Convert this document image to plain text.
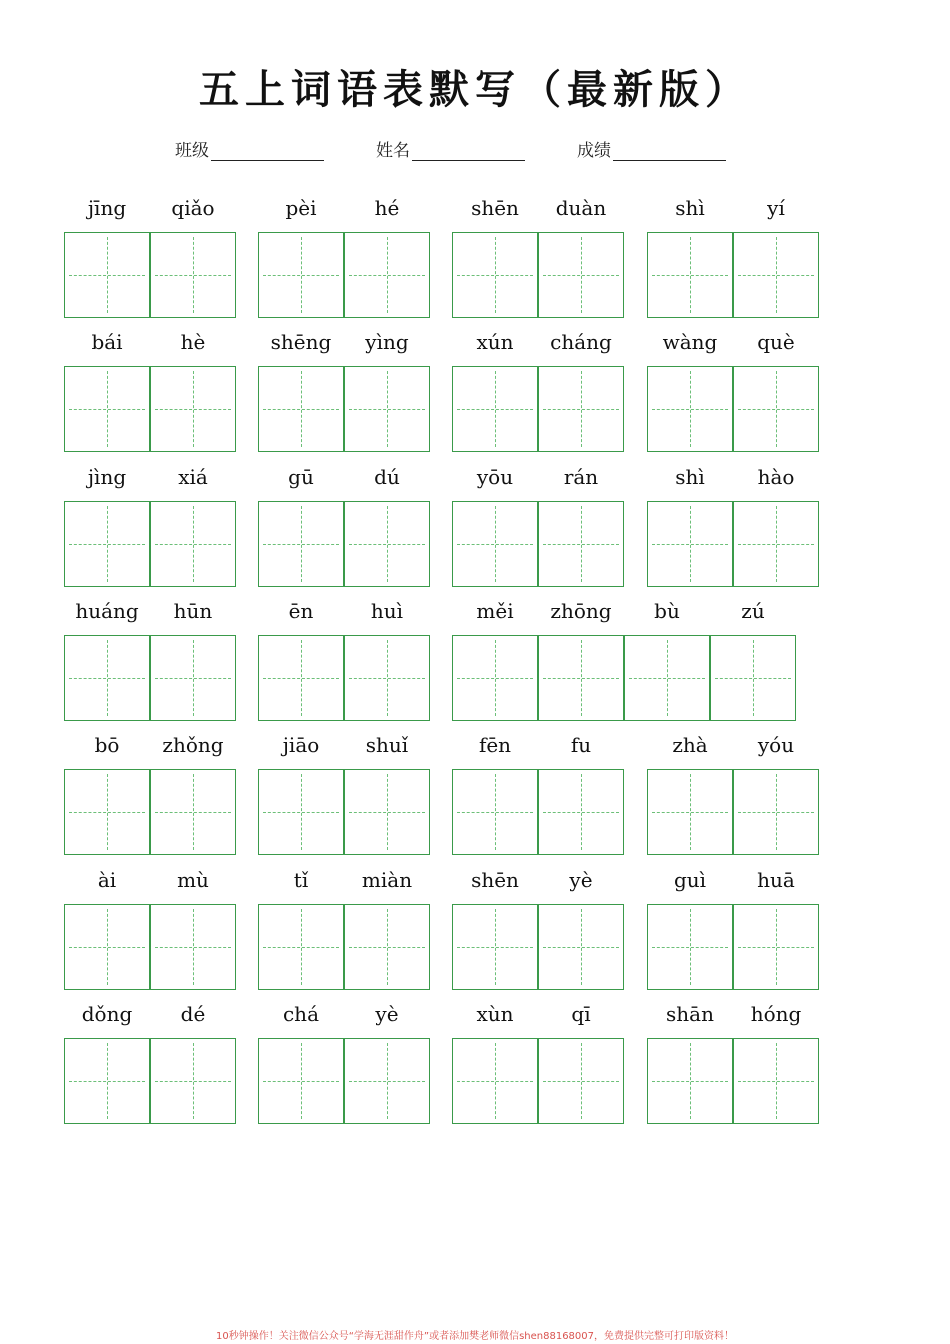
五上词语表默写（最新版）
班级	姓名	成绩
jīng	qiǎo	pèi	hé	shēn	duàn	shì	yí
bái	hè	shēng	yìng	xún	cháng	wàng	què
jìng	xiá	gū	dú	yōu	rán	shì	hào
huáng	hūn	ēn	huì	měi	zhōng	bù	zú
bō	zhǒng	jiāo	shuǐ	fēn	fu	zhà	yóu
ài	mù	tǐ	miàn	shēn	yè	guì	huā
dǒng	dé	chá	yè	xùn	qī	shān	hóng
10秒钟操作！关注微信公众号“学海无涯甜作舟”或者添加樊老师微信shen88168007，免费提供完整可打印版资料！
